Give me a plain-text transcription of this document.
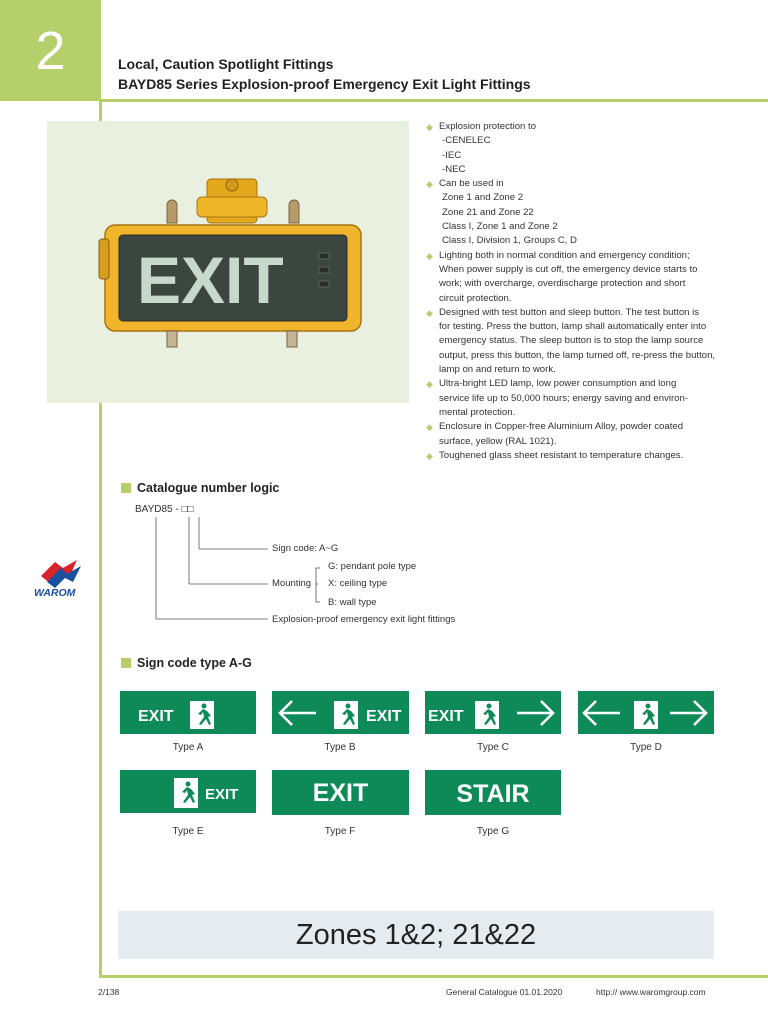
2	Local, Caution Spotlight Fittings
BAYD85 Series Explosion-proof Emergency Exit Light Fittings
EXIT
◆ Explosion protection to
-CENELEC
-IEC
-NEC
◆ Can be used in
Zone 1 and Zone 2
Zone 21 and Zone 22
Class I, Zone 1 and Zone 2
Class I, Division 1, Groups C, D
◆ Lighting both in normal condition and emergency condition;
When power supply is cut off, the emergency device starts to
work; with overcharge, overdischarge protection and short
circuit protection.
◆ Designed with test button and sleep button. The test button is
for testing. Press the button, lamp shall automatically enter into
emergency status. The sleep button is to stop the lamp source
output, press this button, the lamp turned off, re-press the button,
lamp on and return to work.
◆ Ultra-bright LED lamp, low power consumption and long
service life up to 50,000 hours; energy saving and environ-
mental protection.
◆ Enclosure in Copper-free Aluminium Alloy, powder coated
surface, yellow (RAL 1021).
◆ Toughened glass sheet resistant to temperature changes.
Catalogue number logic
BAYD85 - □□
Sign code: A~G
Mounting
G: pendant pole type
X: ceiling type
B: wall type
Explosion-proof emergency exit light fittings
WAROM
Sign code type A-G
EXIT
Type A
EXIT
Type B
EXIT
Type C	Type D
EXIT
Type E
EXIT
Type F
STAIR
Type G
Zones 1&2; 21&22
2/138	General Catalogue 01.01.2020	http:// www.waromgroup.com
